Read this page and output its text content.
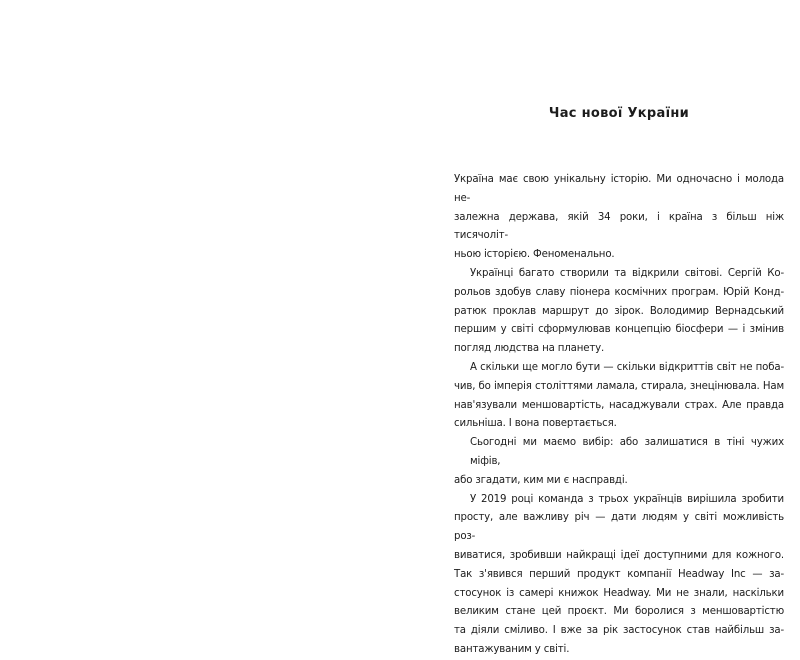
Час нової України

Україна має свою унікальну історію. Ми одночасно і молода не-
залежна держава, якій 34 роки, і країна з більш ніж тисячоліт-
ньою історією. Феноменально.

Українці багато створили та відкрили світові. Сергій Ко-
рольов здобув славу піонера космічних програм. Юрій Конд-
ратюк проклав маршрут до зірок. Володимир Вернадський
першим у світі сформулював концепцію біосфери — і змінив
погляд людства на планету.

А скільки ще могло бути — скільки відкриттів світ не поба-
чив, бо імперія століттями ламала, стирала, знецінювала. Нам
нав'язували меншовартість, насаджували страх. Але правда
сильніша. І вона повертається.

Сьогодні ми маємо вибір: або залишатися в тіні чужих міфів,
або згадати, ким ми є насправді.

У 2019 році команда з трьох українців вирішила зробити
просту, але важливу річ — дати людям у світі можливість роз-
виватися, зробивши найкращі ідеї доступними для кожного.
Так з'явився перший продукт компанії Headway Inc — за-
стосунок із самері книжок Headway. Ми не знали, наскільки
великим стане цей проєкт. Ми боролися з меншовартістю
та діяли сміливо. І вже за рік застосунок став найбільш за-
вантажуваним у світі.
